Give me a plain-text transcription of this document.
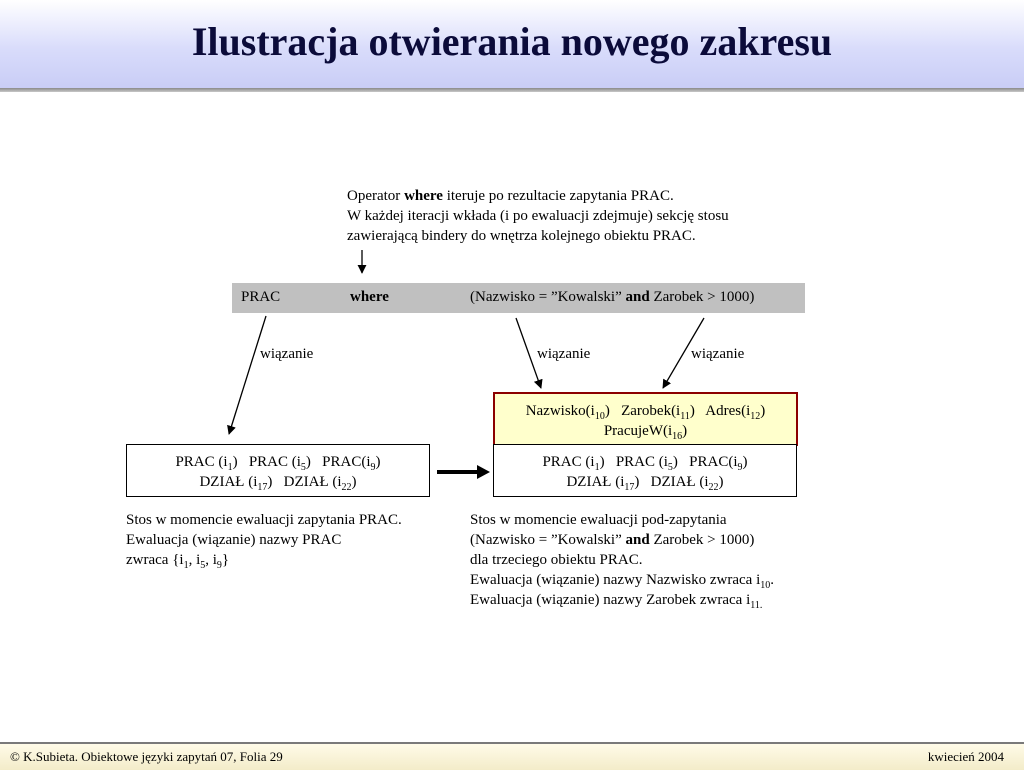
Ilustracja otwierania nowego zakresu
Operator where iteruje po rezultacie zapytania PRAC.
W każdej iteracji wkłada (i po ewaluacji zdejmuje) sekcję stosu
zawierającą bindery do wnętrza kolejnego obiektu PRAC.
PRAC	where	(Nazwisko = ”Kowalski” and Zarobek > 1000)
wiązanie	wiązanie	wiązanie
$Nazwisko(i_{10})$   $Zarobek(i_{11})$   $Adres(i_{12})$
$PracujeW(i_{16})$
PRAC $(i_1)$   PRAC $(i_5)$   $PRAC(i_9)$
DZIAŁ $(i_{17})$   DZIAŁ $(i_{22})$
PRAC $(i_1)$   PRAC $(i_5)$   $PRAC(i_9)$
DZIAŁ $(i_{17})$   DZIAŁ $(i_{22})$
Stos w momencie ewaluacji zapytania PRAC.
Ewaluacja (wiązanie) nazwy PRAC
zwraca {$i_1$, $i_5$, $i_9$}
Stos w momencie ewaluacji pod-zapytania
(Nazwisko = ”Kowalski” and Zarobek > 1000)
dla trzeciego obiektu PRAC.
Ewaluacja (wiązanie) nazwy Nazwisko zwraca $i_{10}$.
Ewaluacja (wiązanie) nazwy Zarobek zwraca $i_{11.}$
© K.Subieta. Obiektowe języki zapytań 07, Folia 29	kwiecień 2004
